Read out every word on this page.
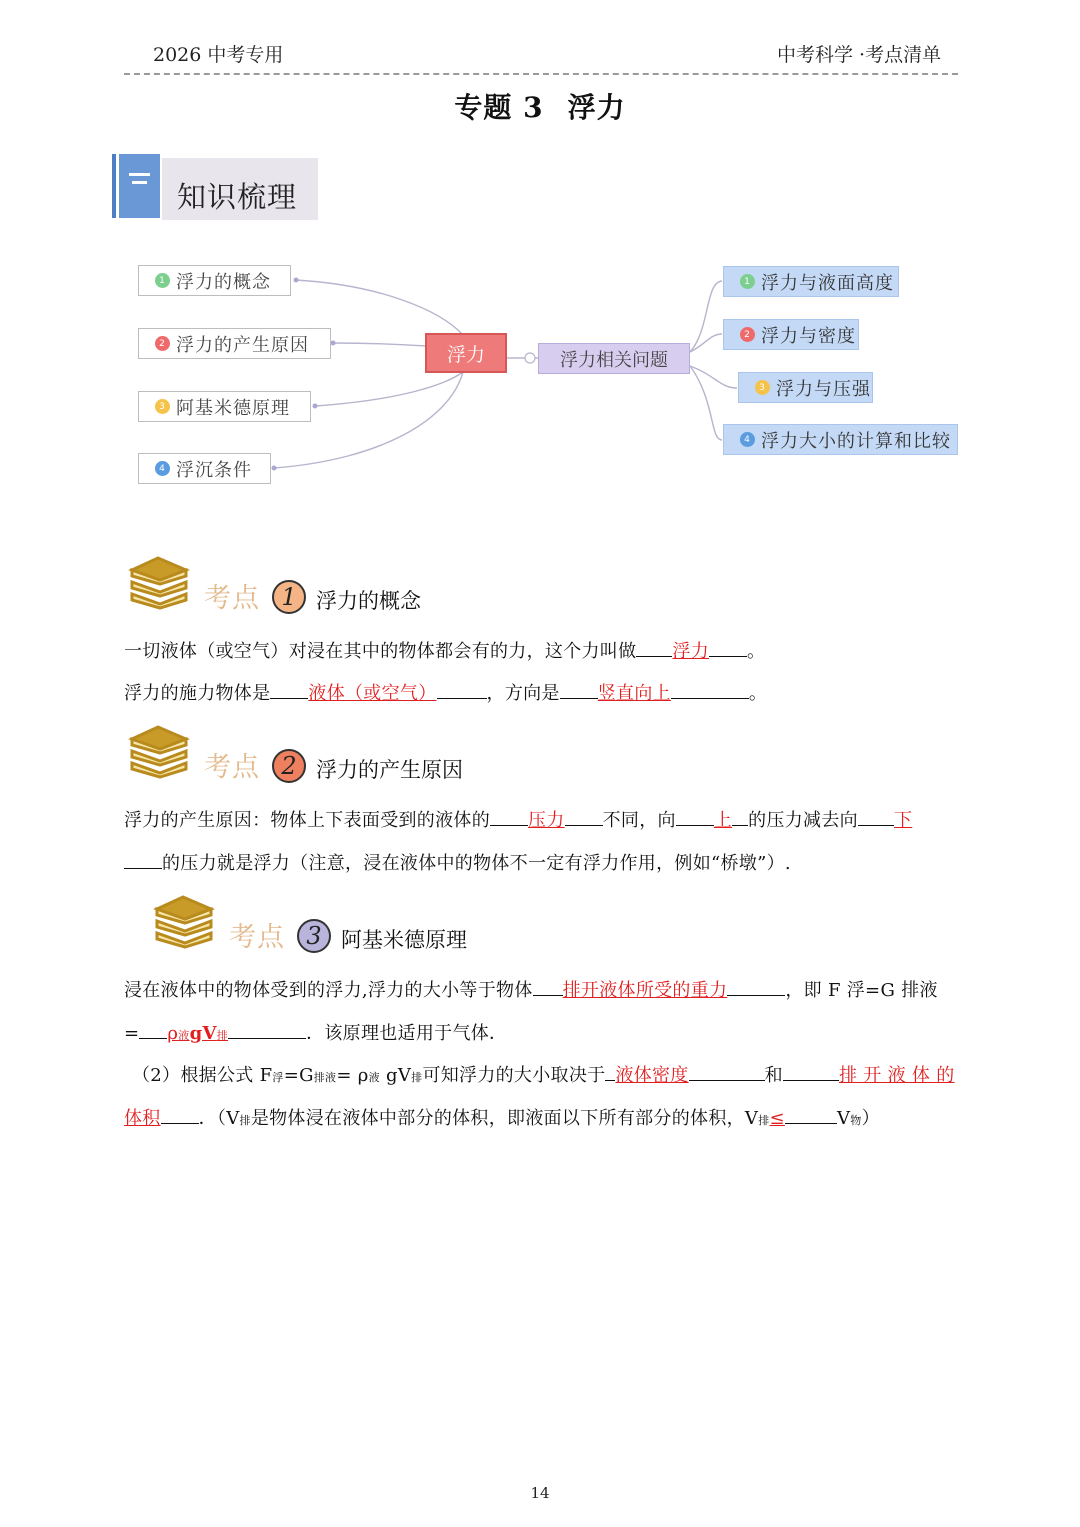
2026 中考专用	中考科学 ·考点清单
专题 3 浮力
知识梳理
1 浮力的概念
2 浮力的产生原因
3 阿基米德原理
4 浮沉条件
浮力	浮力相关问题
1 浮力与液面高度
2 浮力与密度
3 浮力与压强
4 浮力大小的计算和比较
考点 1 浮力的概念
一切液体（或空气）对浸在其中的物体都会有的力，这个力叫做 浮力 。
浮力的施力物体是 液体（或空气）	，方向是 竖直向上	。
考点 2 浮力的产生原因
浮力的产生原因：物体上下表面受到的液体的 压力 不同，向 上 的压力减去向 下
的压力就是浮力（注意，浸在液体中的物体不一定有浮力作用，例如“桥墩”）.
考点 3 阿基米德原理
浸在液体中的物体受到的浮力,浮力的大小等于物体 排开液体所受的重力	，即 F 浮=G 排液
= ρ液gV排	．该原理也适用于气体．
（2）根据公式 F浮=G排液= ρ液 gV排可知浮力的大小取决于 液体密度	和	排 开 液 体 的
体积 ．（V排是物体浸在液体中部分的体积，即液面以下所有部分的体积，V排≤	V物）
14
